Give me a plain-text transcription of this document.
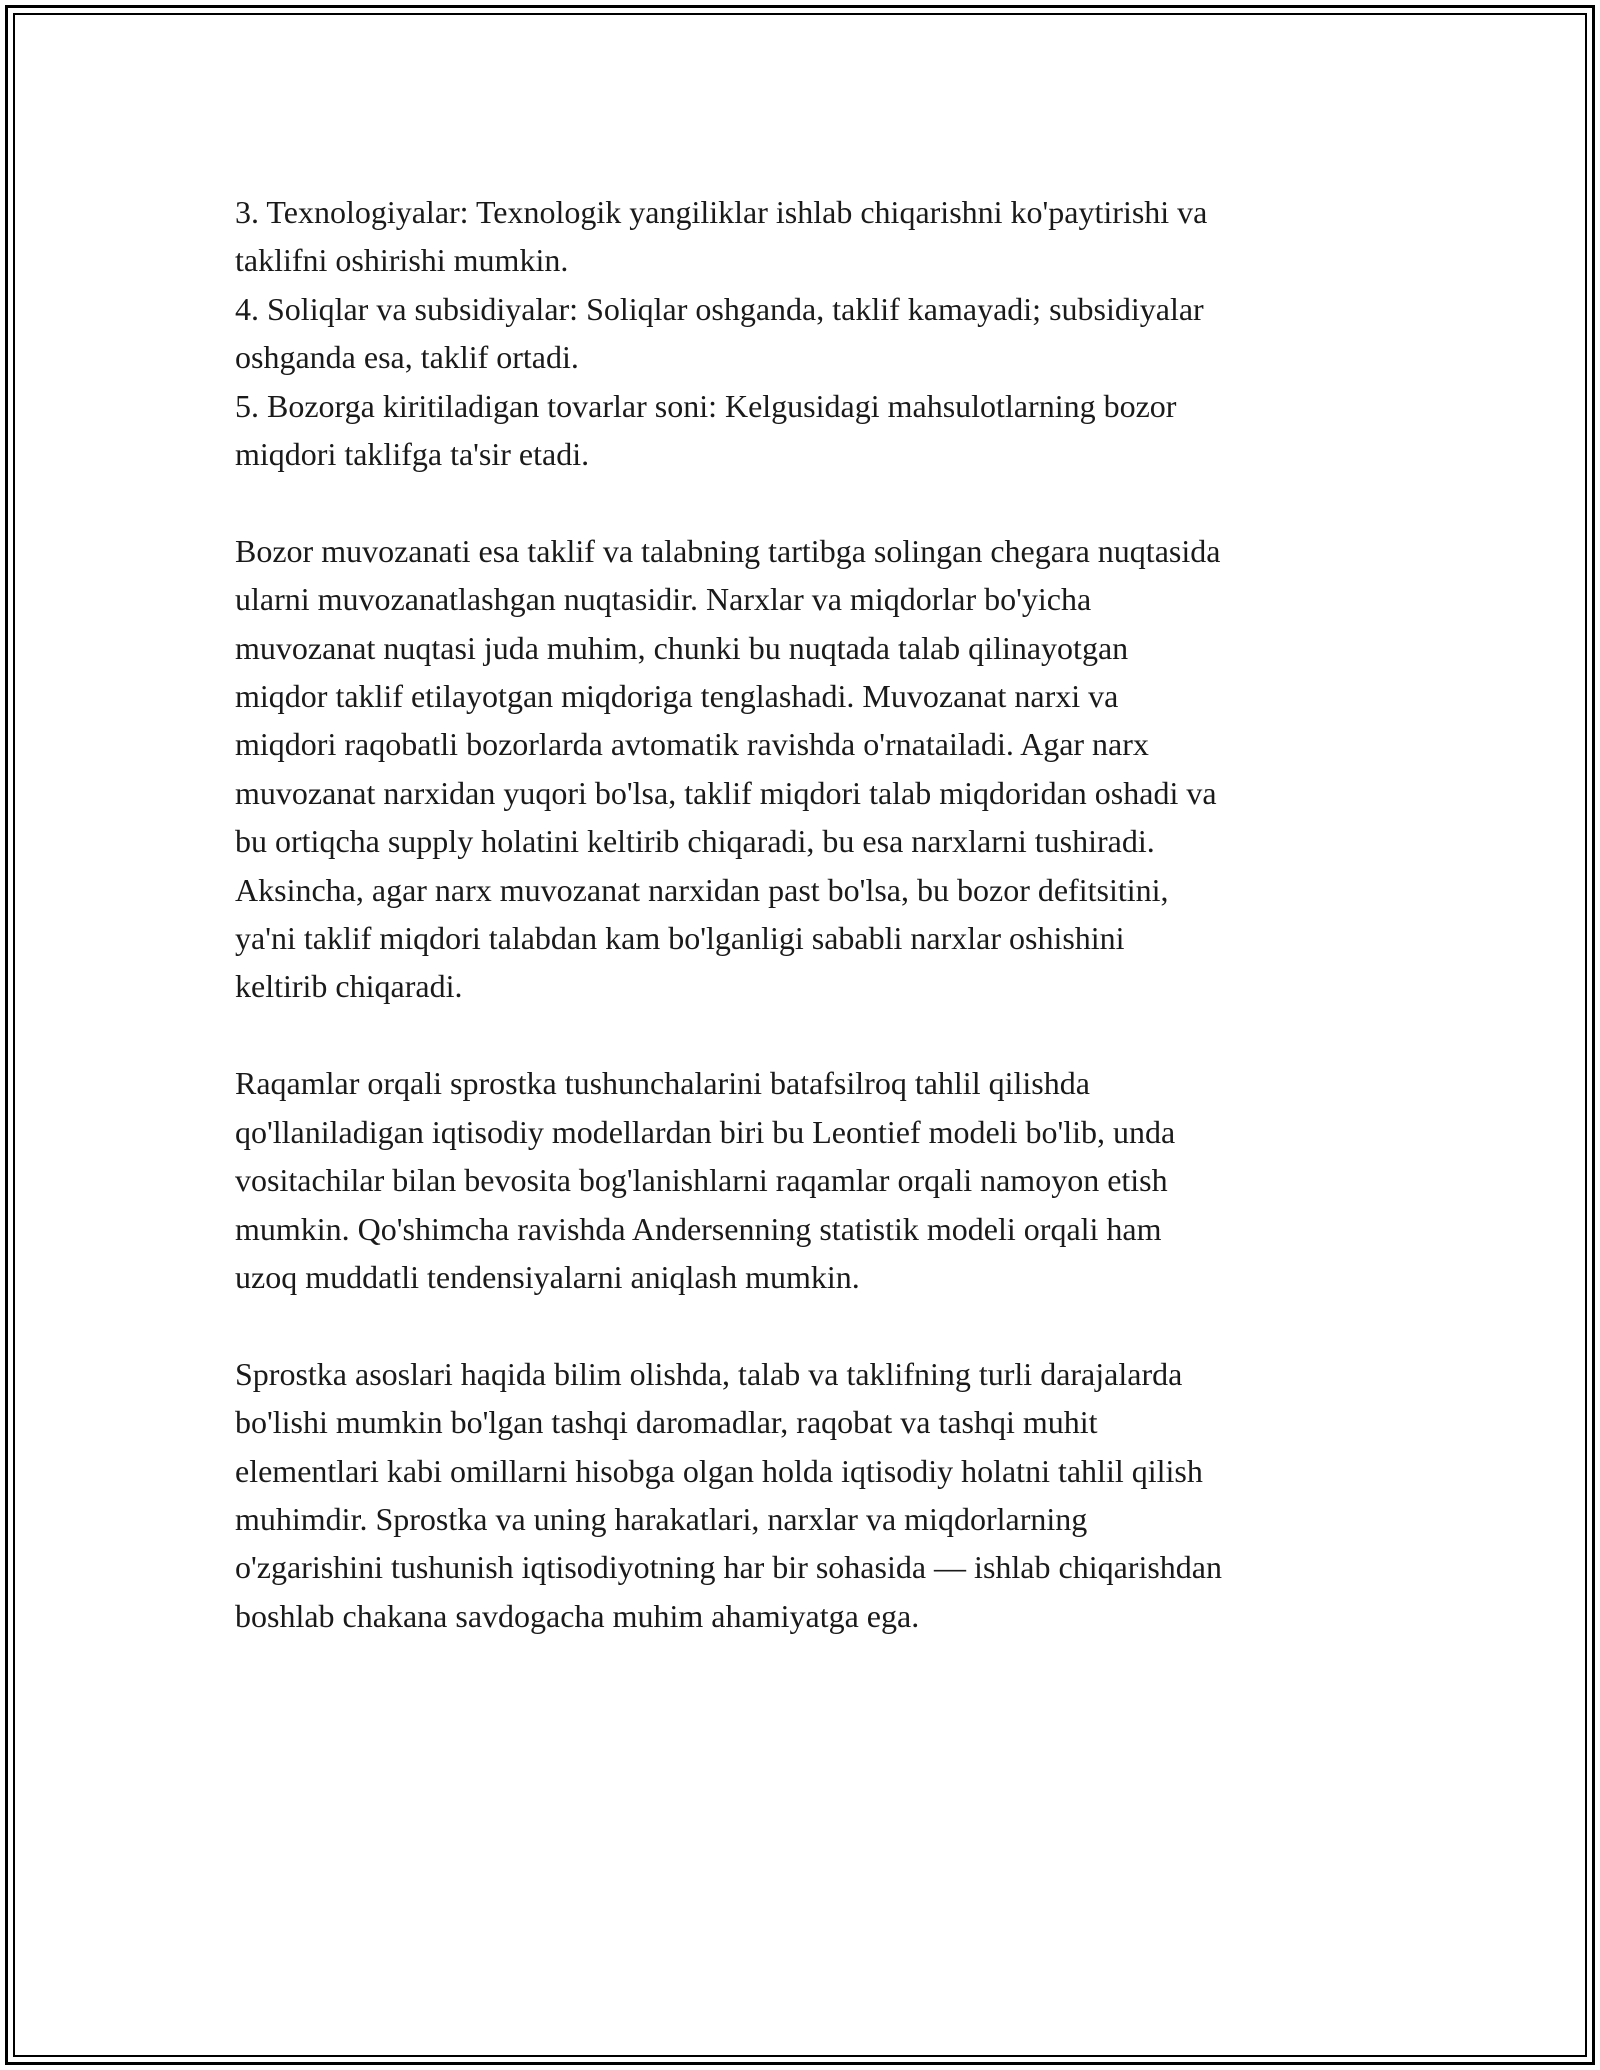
3. Texnologiyalar: Texnologik yangiliklar ishlab chiqarishni ko'paytirishi va
taklifni oshirishi mumkin.
4. Soliqlar va subsidiyalar: Soliqlar oshganda, taklif kamayadi; subsidiyalar
oshganda esa, taklif ortadi.
5. Bozorga kiritiladigan tovarlar soni: Kelgusidagi mahsulotlarning bozor
miqdori taklifga ta'sir etadi.
Bozor muvozanati esa taklif va talabning tartibga solingan chegara nuqtasida
ularni muvozanatlashgan nuqtasidir. Narxlar va miqdorlar bo'yicha
muvozanat nuqtasi juda muhim, chunki bu nuqtada talab qilinayotgan
miqdor taklif etilayotgan miqdoriga tenglashadi. Muvozanat narxi va
miqdori raqobatli bozorlarda avtomatik ravishda o'rnatailadi. Agar narx
muvozanat narxidan yuqori bo'lsa, taklif miqdori talab miqdoridan oshadi va
bu ortiqcha supply holatini keltirib chiqaradi, bu esa narxlarni tushiradi.
Aksincha, agar narx muvozanat narxidan past bo'lsa, bu bozor defitsitini,
ya'ni taklif miqdori talabdan kam bo'lganligi sababli narxlar oshishini
keltirib chiqaradi.
Raqamlar orqali sprostka tushunchalarini batafsilroq tahlil qilishda
qo'llaniladigan iqtisodiy modellardan biri bu Leontief modeli bo'lib, unda
vositachilar bilan bevosita bog'lanishlarni raqamlar orqali namoyon etish
mumkin. Qo'shimcha ravishda Andersenning statistik modeli orqali ham
uzoq muddatli tendensiyalarni aniqlash mumkin.
Sprostka asoslari haqida bilim olishda, talab va taklifning turli darajalarda
bo'lishi mumkin bo'lgan tashqi daromadlar, raqobat va tashqi muhit
elementlari kabi omillarni hisobga olgan holda iqtisodiy holatni tahlil qilish
muhimdir. Sprostka va uning harakatlari, narxlar va miqdorlarning
o'zgarishini tushunish iqtisodiyotning har bir sohasida — ishlab chiqarishdan
boshlab chakana savdogacha muhim ahamiyatga ega.
